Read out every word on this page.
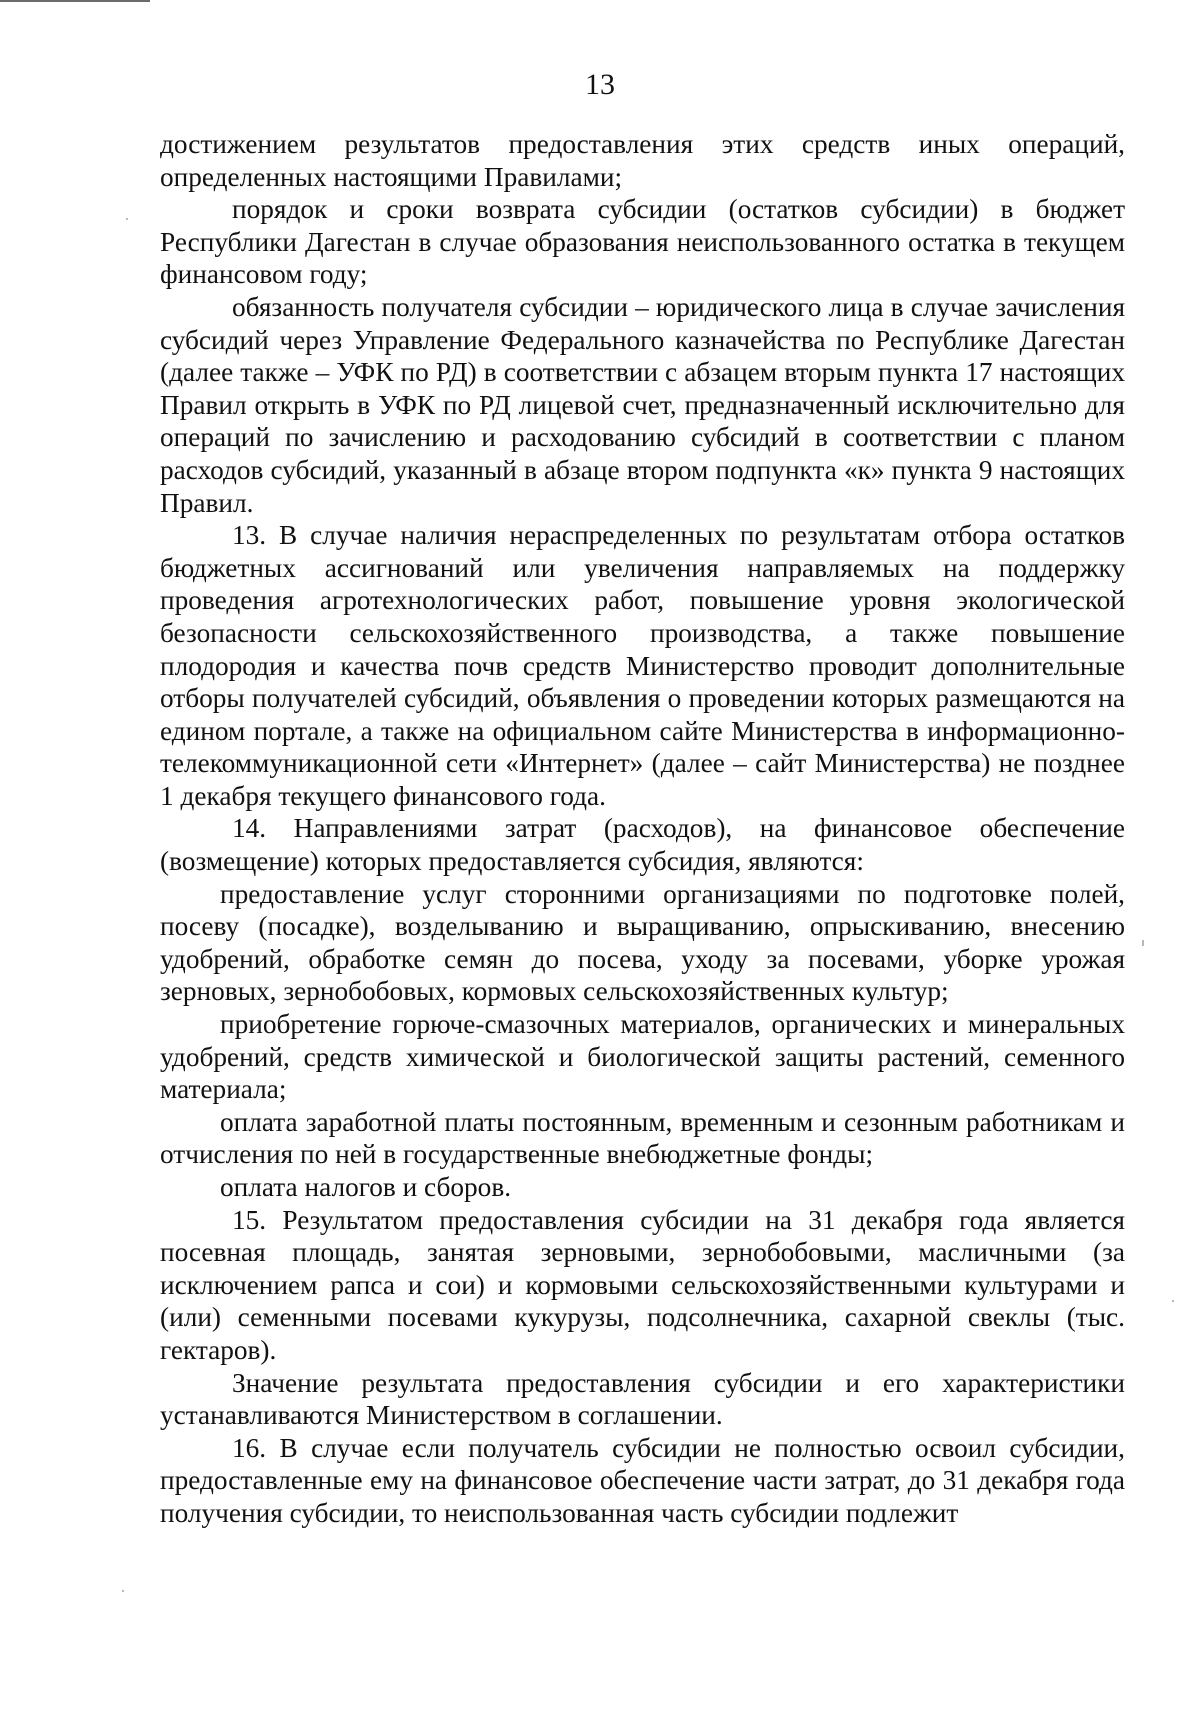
13

достижением результатов предоставления этих средств иных операций, определенных настоящими Правилами;

порядок и сроки возврата субсидии (остатков субсидии) в бюджет Республики Дагестан в случае образования неиспользованного остатка в текущем финансовом году;

обязанность получателя субсидии – юридического лица в случае зачисления субсидий через Управление Федерального казначейства по Республике Дагестан (далее также – УФК по РД) в соответствии с абзацем вторым пункта 17 настоящих Правил открыть в УФК по РД лицевой счет, предназначенный исключительно для операций по зачислению и расходованию субсидий в соответствии с планом расходов субсидий, указанный в абзаце втором подпункта «к» пункта 9 настоящих Правил.

13. В случае наличия нераспределенных по результатам отбора остатков бюджетных ассигнований или увеличения направляемых на поддержку проведения агротехнологических работ, повышение уровня экологической безопасности сельскохозяйственного производства, а также повышение плодородия и качества почв средств Министерство проводит дополнительные отборы получателей субсидий, объявления о проведении которых размещаются на едином портале, а также на официальном сайте Министерства в информационно-телекоммуникационной сети «Интернет» (далее – сайт Министерства) не позднее 1 декабря текущего финансового года.

14. Направлениями затрат (расходов), на финансовое обеспечение (возмещение) которых предоставляется субсидия, являются:

предоставление услуг сторонними организациями по подготовке полей, посеву (посадке), возделыванию и выращиванию, опрыскиванию, внесению удобрений, обработке семян до посева, уходу за посевами, уборке урожая зерновых, зернобобовых, кормовых сельскохозяйственных культур;

приобретение горюче-смазочных материалов, органических и минеральных удобрений, средств химической и биологической защиты растений, семенного материала;

оплата заработной платы постоянным, временным и сезонным работникам и отчисления по ней в государственные внебюджетные фонды;

оплата налогов и сборов.

15. Результатом предоставления субсидии на 31 декабря года является посевная площадь, занятая зерновыми, зернобобовыми, масличными (за исключением рапса и сои) и кормовыми сельскохозяйственными культурами и (или) семенными посевами кукурузы, подсолнечника, сахарной свеклы (тыс. гектаров).

Значение результата предоставления субсидии и его характеристики устанавливаются Министерством в соглашении.

16. В случае если получатель субсидии не полностью освоил субсидии, предоставленные ему на финансовое обеспечение части затрат, до 31 декабря года получения субсидии, то неиспользованная часть субсидии подлежит
